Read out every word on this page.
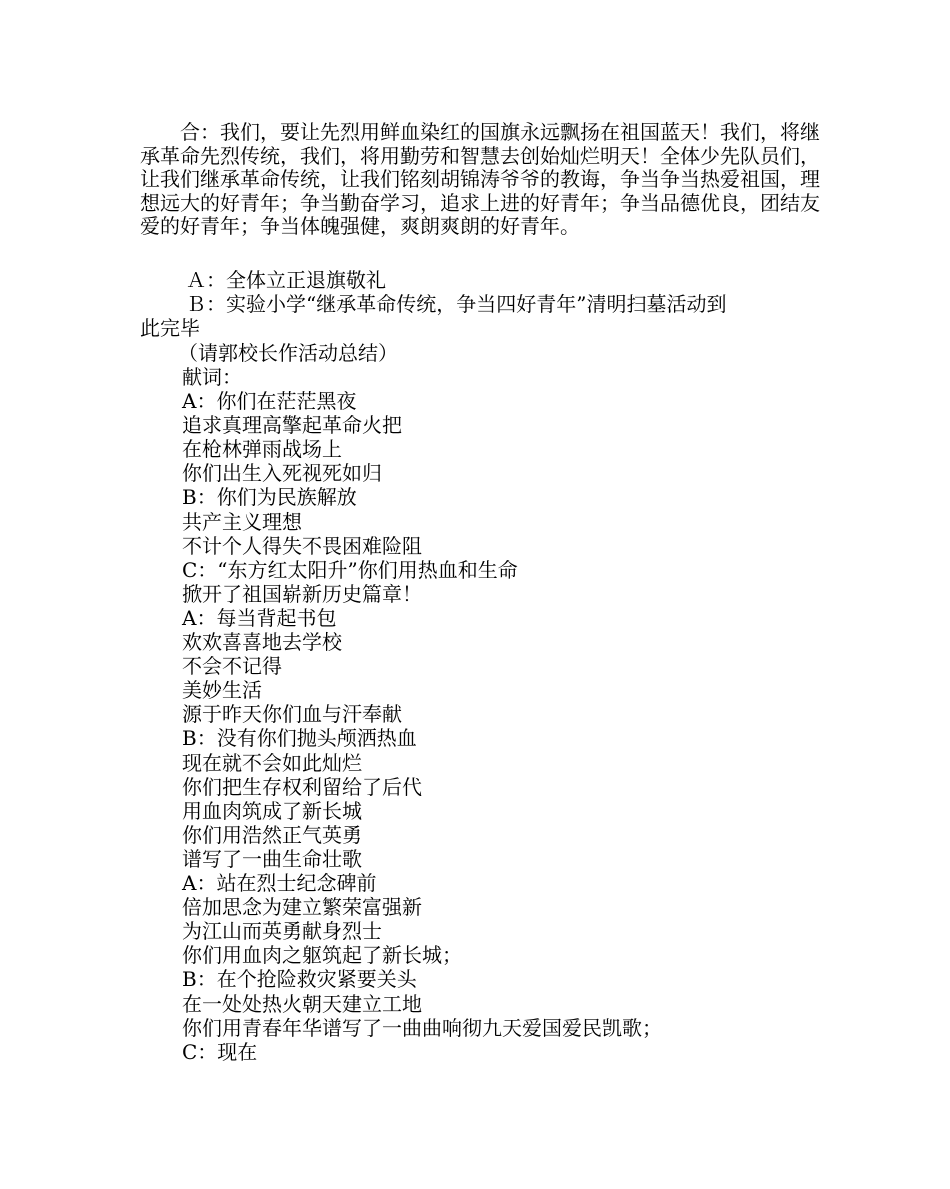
合：我们，要让先烈用鲜血染红的国旗永远飘扬在祖国蓝天！我们，将继承革命先烈传统，我们，将用勤劳和智慧去创始灿烂明天！全体少先队员们，让我们继承革命传统，让我们铭刻胡锦涛爷爷的教诲，争当争当热爱祖国，理想远大的好青年；争当勤奋学习，追求上进的好青年；争当品德优良，团结友爱的好青年；争当体魄强健，爽朗爽朗的好青年。

Ａ：全体立正退旗敬礼
Ｂ：实验小学“继承革命传统，争当四好青年”清明扫墓活动到
此完毕
（请郭校长作活动总结）
献词：
A：你们在茫茫黑夜
追求真理高擎起革命火把
在枪林弹雨战场上
你们出生入死视死如归
B：你们为民族解放
共产主义理想
不计个人得失不畏困难险阻
C：“东方红太阳升”你们用热血和生命
掀开了祖国崭新历史篇章！
A：每当背起书包
欢欢喜喜地去学校
不会不记得
美妙生活
源于昨天你们血与汗奉献
B：没有你们抛头颅洒热血
现在就不会如此灿烂
你们把生存权利留给了后代
用血肉筑成了新长城
你们用浩然正气英勇
谱写了一曲生命壮歌
A：站在烈士纪念碑前
倍加思念为建立繁荣富强新
为江山而英勇献身烈士
你们用血肉之躯筑起了新长城；
B：在个抢险救灾紧要关头
在一处处热火朝天建立工地
你们用青春年华谱写了一曲曲响彻九天爱国爱民凯歌；
C：现在
